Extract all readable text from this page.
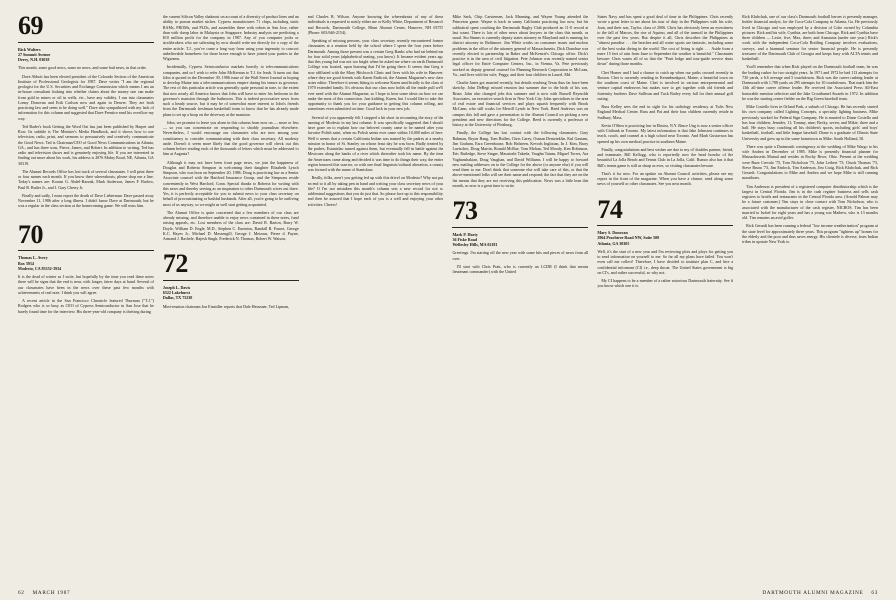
69
Rick Walters
27 Summit Avenue
Derry, N.H. 03038

This month, some good news, some no news, and some bad news, in that order.

Dave Abbott has been elected president of the Colorado Section of the American Institute of Professional Geologists for 1987. Dave writes "I am the regional geologist for the U.S. Securities and Exchange Commission which means I am an in-house consultant looking into whether claims about the money one can make from gold in mines or oil in wells, etc., have any validity. I run into classmates Lonny Donovan and Erik Carlson now and again in Denver. They are both practicing law and seem to be doing well." Dave also sympathized with my lack of information for this column and suggested that Dave Prentice send his overflow my way.

Ted Bader's book Getting the Word Out has just been published by Harper and Row. Its subtitle is The Minister's Media Handbook, and it shows how to use television, radio, print, and sermons to persuasively and creatively communicate the Good News. Ted is Chairman/CEO of Good News Communications in Atlanta, GA., and has three sons, Pierce, James, and Robert. In addition to writing, Ted has radio and television shows and is genuinely enjoying life. If you are interested in finding out more about his work, his address is 2876 Mabry Road, NE, Atlanta, GA 30319.

The Alumni Records Office has lost track of several classmates. I will print three or four names each month. If you know their whereabouts, please drop me a line. Today's names are: Kouasi G. Abdel-Razzak, Mark Anderson, James F. Barlow, Paul B. Butler Jr., and J. Gary Cherry Jr.

Finally and sadly, I must report the death of Dave Lieberman. Dave passed away November 11, 1986 after a long illness. I didn't know Dave at Dartmouth, but he was a regular in the class section at the homecoming game. We will miss him.

70
Thomas L. Avery
Box 3934
Modesto, CA 95352-3934

It is the dead of winter as I write, but hopefully by the time you read these notes there will be signs that the end is near, with longer, fairer days at hand. Several of our classmates have been in the news over these past few months with achievements of real note. I think you will agree.

A recent article in the San Francisco Chronicle featured Thurman ("T.J.") Rodgers who is so busy as CEO of Cypress Semiconductor in San Jose that he barely found time for the interview. His three-year-old company is thriving during

the current Silicon Valley shakeout on account of a diversity of product lines and an ability to pursue market niches. Cypress manufactures 71 chips, including static RAMs, PROMs, and PLDs, and assembles these with robots in San Jose, rather than with cheap labor in Malaysia or Singapore. Industry analysts are predicting a $10 million profit for the company in 1987. Any of you computer jocks or stockbrokers who are salivating by now should write me directly for a copy of the entire article. T.J., you've come a long way from using your ingenuity to concoct unbelievable homebrew for those brave enough to have joined your parties in the Wigwams.

Incidentally, Cypress Semiconductor markets heavily to telecommunications companies, and so I wish to refer John McKernan to T.J. for leads. It turns out that John is quoted in the December 30, 1986 issue of the Wall Street Journal as hoping to develop Maine into a telecommunications empire during his tenure as governor. The rest of this particular article was generally quite personal in tone, to the extent that now nearly all America knows that John will have to enter his bedroom in the governor's mansion through the bathroom. This is indeed provocative news from such a heady source, but it may be of somewhat more interest to John's friends from the Dartmouth freshman basketball team to know that he has already made plans to set up a hoop on the driveway at the mansion.

John, we promise to leave you alone in this column from now on — more or less — so you can concentrate on responding to shoddy journalism elsewhere. Nevertheless, I would encourage our classmates who are now among your constituency to consider communicating with their class secretary. All modesty aside. Doesn't it seem more likely that the good governor will check out this column before reading each of the thousands of letters which must be addressed to him at Augusta?

Although it may not have been front page news, we join the happiness of Douglas and Roberta Simpson in welcoming their daughter Elizabeth Lynch Simpson, who was born on September 20, 1986. Doug is practicing law as a Senior Associate counsel with the Hartford Insurance Group, and the Simpsons reside conveniently in West Hartford, Conn. Special thanks to Roberta for writing with this news and thereby serving as an inspiration to other Dartmouth wives out there. Yes, it is perfectly acceptable for you to submit news to your class secretary on behalf of procrastinating or bashful husbands. After all, you're going to be outliving most of us anyway, so we might as well start getting acquainted.

The Alumni Office is quite concerned that a few members of our class are already missing, and therefore unable to enjoy news contained in these notes, fund raising appeals, etc. Lost members of the class are: David R. Barton, Barry W. Doyle, William D. Engle, M.D., Stephen C. Eurenius, Randall R. Faurot, George K.C. Hayes Jr., Michael D. Massengill, George J. Metzaas, Pierre d. Payne, Armand J. Rachele, Rajesh Singh, Frederick N. Thomas, Robert W. Watson,

72
Joseph L. Davis
6522 Lakehurst
Dallas, TX 75230

Mini-reunion chairman Jon Einsidler reports that Dale Heussner, Ted Lipman,

and Charles R. Wilson. Anyone knowing the whereabouts of any of these individuals is requested to notify either me or Kelly White, Department of Research and Records, Dartmouth College, Blunt Alumni Center, Hanover, NH 03755 (Phone: 603/646-2154).

Speaking of missing persons, your class secretary recently encountered former classmates at a reunion held by the school where I spent the four years before Dartmouth. Among those present was a certain Greg Banks who had sat behind me for four solid years (alphabetical seating, you know). It became evident years ago that this young lad was not too bright when he asked me where on earth Dartmouth College was located, upon learning that I'd be going there. It seems that Greg is now affiliated with the Mary Hitchcock Clinic and lives with his wife in Hanover, where they are good friends with Karen Endicott, the Alumni Magazine's new class notes editor. Therefore it seems fitting to welcome Karen unofficially to the class of 1970 extended family. It's obvious that our class now holds all the inside pull we'll ever need with the Alumni Magazine, so I hope to hear some ideas on how we can make the most of this connection. Just kidding, Karen, but I would like to take this opportunity to thank you for your guidance in getting this column rolling, and sometimes even submitted on time. Good luck in your new job.

Several of you apparently felt I stopped a bit short in recounting the story of the naming of Modesto in my last column: It was specifically suggested that I should have gone on to explain how our beloved county came to be named after your favorite Polish saint, when no Polish saints ever came within 10,000 miles of here. Well it seems that a certain California Indian was named by the padres at a nearby mission in honor of St. Stanley on whose feast day he was born. Badly treated by the padres, Estanislao turned against them, but eventually fell in battle against the Mexicans along the banks of a river which thereafter took his name. By the time the Americans came along and decided it was time to do things their way, the entire region honored this warrior, so with one final linguistic/cultural alteration, a county was formed with the name of Stanislaus.

Really, folks, aren't you getting fed up with this drivel on Modesto? Why not put an end to it all by taking pen in hand and writing your class secretary news of your life? If I'm not mistaken this month's column sets a new record for not so subliminal suggestions that you do just that. So please face up to this responsibility, and then be assured that I hope each of you is a well and enjoying your other activities. Cheers!

Mike Sack, Chip Carstensen, Jack Manning, and Wayne Young attended the Princeton game. Wayne is back in sunny California practicing law now, but his sabbatical spent coaching the Dartmouth Rugby Club produced an 11-0 record at last count. There is lots of other news about lawyers in the class this month, as usual. Stu Simms is currently deputy states attorney in Maryland and is running for district attorney in Baltimore. Jim White works on consumer issues and nuclear problems in the office of the attorney general of Massachusetts. Dick Donohue was recently elected to partnership in Baker and McKenzie's Chicago office. Dick's practice is in the area of civil litigation. Pete Johnson was recently named senior legal officer for Entré Computer Centers, Inc., in Vienna, Va. Pete previously worked as deputy general counsel for Planning Research Corporation in McLean, Va., and lives with his wife, Peggy, and their four children in Laurel, Md.

Charlie Janes got married recently, but details reaching Texas thus far have been sketchy. John DeRegt missed reunion last summer due to the birth of his son, Brian. John also changed jobs this summer and is now with Russell Reynolds Associates, an executive search firm in New York City. John specializes in the area of real estate and financial services and plays squash frequently with Brook McCann, who still works for Merrill Lynch in New York. Reed Andrews was on campus this fall and gave a presentation to the Alumni Council on picking a new president and new directions for the College. Reed is currently a professor of history at the University of Pittsburg.

Finally, the College has lost contact with the following classmates: Gary Bahman, Bryon Bang, Tom Bullen, Chris Carey, Osman Denizteklin, Kul Gautam, Jim Graham, Ezra Greenhouse, Bob Halsteen, Kevods Inglizian, In J. Kim, Barry Luetscher, Doug Martin, Ronald McRae, Tom Mohan, Ted Moody, Ken Robinson, Eric Rutledge, Steve Singer, Masatoshi Takeda, Vaughn Tatum, Miguel Torres, Ara Vaghanshakian, Doug Vaughan, and David Williams. I will be happy to forward new mailing addresses on to the College for the above (or anyone else) if you will send them to me. Don't think that someone else will take care of this, or that the above-mentioned folks will see their name and respond; the fact that they are on the list means that they are not receiving this publication. News was a little lean this month, so now is a great time to write.

73
Mark P. Harty
36 Fiske Road
Wellesley Hills, MA 02181

Greetings. I'm starting off the new year with some bits and pieces of news from all over.

I'll start with Chris Pratt, who is currently an LCDR (I think that means lieutenant commander) with the United

States Navy and has spent a good deal of time in the Philippines. Chris recently wrote a great letter to me about his tour of duty in the Philippines with his wife, Joan, and their son, Taylor, class of 2006. Chris has obviously been an eyewitness to the fall of Marcos, the rise of Aquino, and all of the turmoil in the Philippines over the past few years. But despite it all, Chris describes the Philippines as "almost paradise . . . the beaches and all water sports are fantastic, including some of the best scuba diving in the world. The cost of living is right . . . Aside from a mere 15 feet of rain from June to September the weather is beautiful." Classmates beware: Chris warns all of us that the "Pratt lodge and tour-guide service shuts down" during those months.

Chet Homer and I had a chance to catch up when our paths crossed recently in Boston. Chet is currently residing in Kennebunkport, Maine, a beautiful town on the southern coast of Maine. Chet is involved in various entrepreneurial and venture capital endeavors but makes sure to get together with old friends and fraternity brothers Dave Sullivan and Tuck Bailey every fall for their annual golf outing.

Russ Kelley sees the end in sight for his radiology residency at Tufts New England Medical Center. Russ and Pat and their four children currently reside in Sudbury, Mass.

Kevin O'Shea is practicing law in Elmira, N.Y. Bruce Ung is now a senior officer with Citibank in Toronto. My latest information is that Jake Johnston continues to teach, coach, and counsel at a high school near Toronto. And Mark Gustavson has opened up his own medical practice in southern Maine.

Finally, congratulations and best wishes are due to my ol' doubles partner, friend, and teammate, Bill Kellogg, who is reportedly now the head honcho of the beautiful La Jolla Beach and Tennis Club in La Jolla, Calif. Rumor also has it that Bill's tennis game is still as sharp as ever, so visiting classmates beware.

That's it for now. For an update on Alumni Council activities, please see my report in the front of the magazine. When you have a chance, send along some news of yourself or other classmates. See you next month.

74
Mary S. Donovan
2964 Peachtree Road NW, Suite 500
Atlanta, GA 30305

Well, it's the start of a new year and I'm reviewing plots and ploys for getting you to send information on yourself to me. So far all my plans have failed. You won't even call me collect! Therefore, I have decided to institute plan C, and hire a confidential informant (CI) i.e., deep throat. The United States government is big on CI's, and rather successful, so why not.

My CI happens to be a member of a rather notorious Dartmouth fraternity. See if you know which one it is.

Rick Klubchuk, one of our class's Dartmouth football heroes is presently manager, bottler financial analyst, for the Coca-Cola Company in Atlanta, Ga. He previously lived in Chicago and was employed by a division of Coke owned by Columbia pictures. Rick and his wife, Cynthia, are both from Chicago. Rick and Cynthia have three children — Lexie, five; Max, three; and Anastasia (under one year.) Rick's work with the independent Coca-Cola Bottling Company involves evaluations, surveys, and a biannual seminar for senior financial people. He is presently treasurer of the Dartmouth Club of Georgia and keeps busy with ALTA tennis and basketball.

You'll remember that when Rick played on the Dartmouth football team, he was the leading rusher for two straight years. In 1971 and 1972 he had 113 attempts for 730 yards, a 6.6 average and 5 touchdowns. Rick was the career rushing leader at Dartmouth with 1,788 yards on 295 attempts for 10 touchdowns. That mark him the 13th all-time career offense leader. He received the Associated Press All-East honorable mention selection and the Jake Crouthamel Awards in 1972. In addition he was the starting center fielder on the Big Green baseball team.

Mike Costello lives in Orland Park, a suburb of Chicago. He has recently started his own company called Lighting Concepts, a specialty lighting business. Mike previously worked for Federal Sign Company. He is married to Diane Costello and has four children; Jennifer, 11; Tommy, nine; Becky, seven; and Mikie, three and a half. He stays busy coaching all his children's sports, including girls' and boys' basketball, football, and little league baseball. Diane is a graduate of Illinois State University and grew up in the same hometown as Mike: South Holland, Ill.

There was quite a Dartmouth contingency at the wedding of Mike Wargo to his wife Andrea in December of 1985. Mike is presently financial planner for Massachusetts Mutual and resides in Rocky River, Ohio. Present at the wedding were Buzz Crevalo '75, Tom Nicholson '75, John Leibert '73, Chuck Thomas '73, Steve Bruns '73, Jim Emlock, Tim Anderson, Jim Craig, Rick Klubchuk, and Rick Gerardi. Congratulations to Mike and Andrea and we hope Mike is still running marathons.

Tim Anderson is president of a registered computer distributorship which is the largest in Central Florida. Jim is in the cash register business and sells cash registers to hotels and restaurants in the Central Florida area. (Arnold Palmer may be a future customer.) Tim stays in close contact with Tom Nicholson, who is associated with the manufacturer of the cash register, NICROS. Tim has been married to Isobel for eight years and has a young son Mathew, who is 13 months old. Tim remains an avid golfer.

Rick Gerardi has been running a federal "low income weatherization" program at the state level for approximately three years. This program "tightens up" homes for the elderly and the poor and thus saves energy. His clientele is diverse, from Indian tribes in upstate New York to

62 MARCH 1987	DARTMOUTH ALUMNI MAGAZINE 63
